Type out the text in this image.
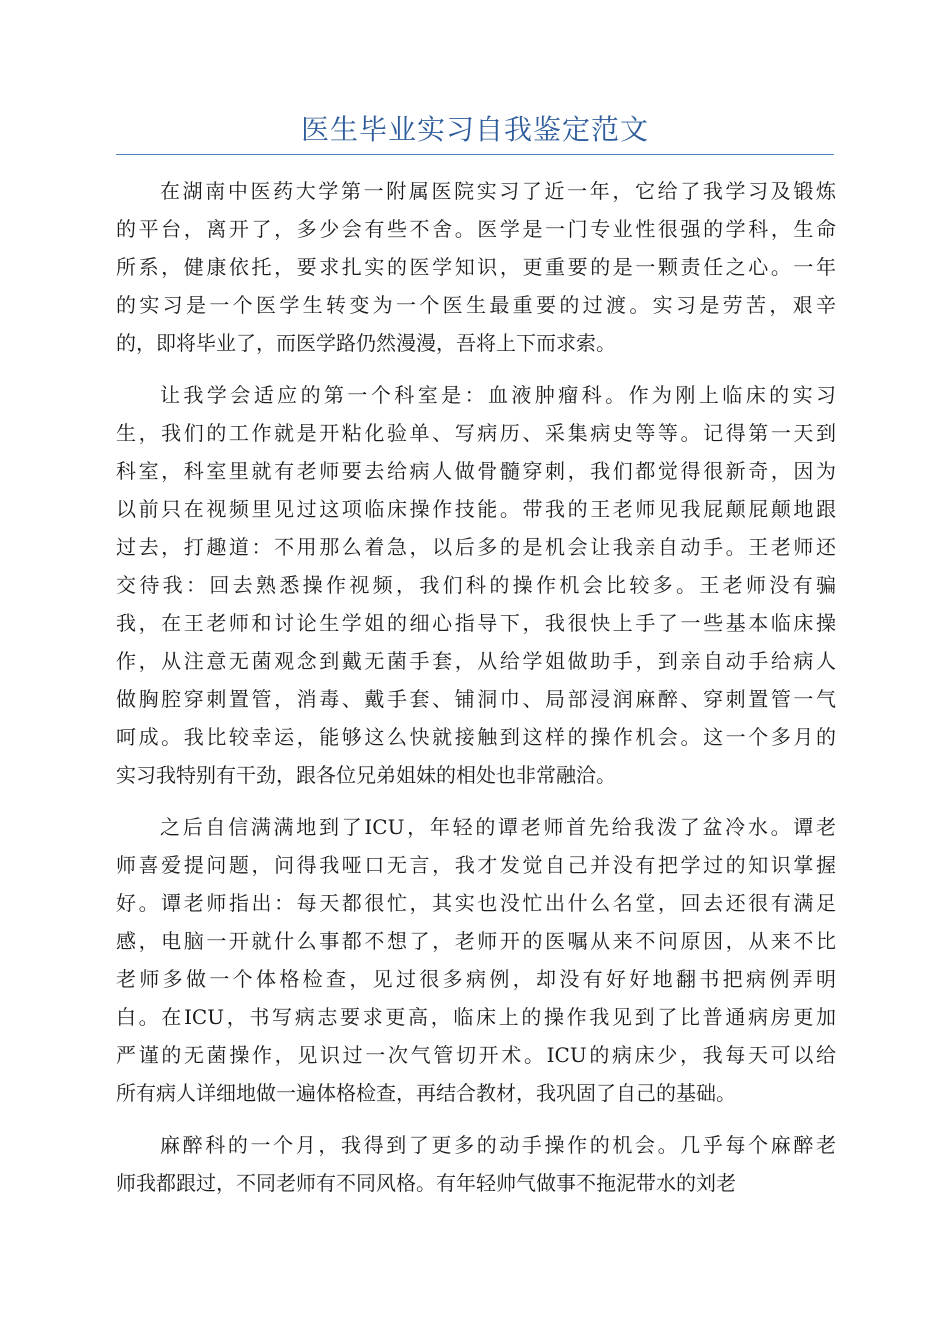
医生毕业实习自我鉴定范文

在湖南中医药大学第一附属医院实习了近一年，它给了我学习及锻炼
的平台，离开了，多少会有些不舍。医学是一门专业性很强的学科，生命
所系，健康依托，要求扎实的医学知识，更重要的是一颗责任之心。一年
的实习是一个医学生转变为一个医生最重要的过渡。实习是劳苦，艰辛
的，即将毕业了，而医学路仍然漫漫，吾将上下而求索。

让我学会适应的第一个科室是：血液肿瘤科。作为刚上临床的实习
生，我们的工作就是开粘化验单、写病历、采集病史等等。记得第一天到
科室，科室里就有老师要去给病人做骨髓穿刺，我们都觉得很新奇，因为
以前只在视频里见过这项临床操作技能。带我的王老师见我屁颠屁颠地跟
过去，打趣道：不用那么着急，以后多的是机会让我亲自动手。王老师还
交待我：回去熟悉操作视频，我们科的操作机会比较多。王老师没有骗
我，在王老师和讨论生学姐的细心指导下，我很快上手了一些基本临床操
作，从注意无菌观念到戴无菌手套，从给学姐做助手，到亲自动手给病人
做胸腔穿刺置管，消毒、戴手套、铺洞巾、局部浸润麻醉、穿刺置管一气
呵成。我比较幸运，能够这么快就接触到这样的操作机会。这一个多月的
实习我特别有干劲，跟各位兄弟姐妹的相处也非常融洽。

之后自信满满地到了ICU，年轻的谭老师首先给我泼了盆冷水。谭老
师喜爱提问题，问得我哑口无言，我才发觉自己并没有把学过的知识掌握
好。谭老师指出：每天都很忙，其实也没忙出什么名堂，回去还很有满足
感，电脑一开就什么事都不想了，老师开的医嘱从来不问原因，从来不比
老师多做一个体格检查，见过很多病例，却没有好好地翻书把病例弄明
白。在ICU，书写病志要求更高，临床上的操作我见到了比普通病房更加
严谨的无菌操作，见识过一次气管切开术。ICU的病床少，我每天可以给
所有病人详细地做一遍体格检查，再结合教材，我巩固了自己的基础。

麻醉科的一个月，我得到了更多的动手操作的机会。几乎每个麻醉老
师我都跟过，不同老师有不同风格。有年轻帅气做事不拖泥带水的刘老
